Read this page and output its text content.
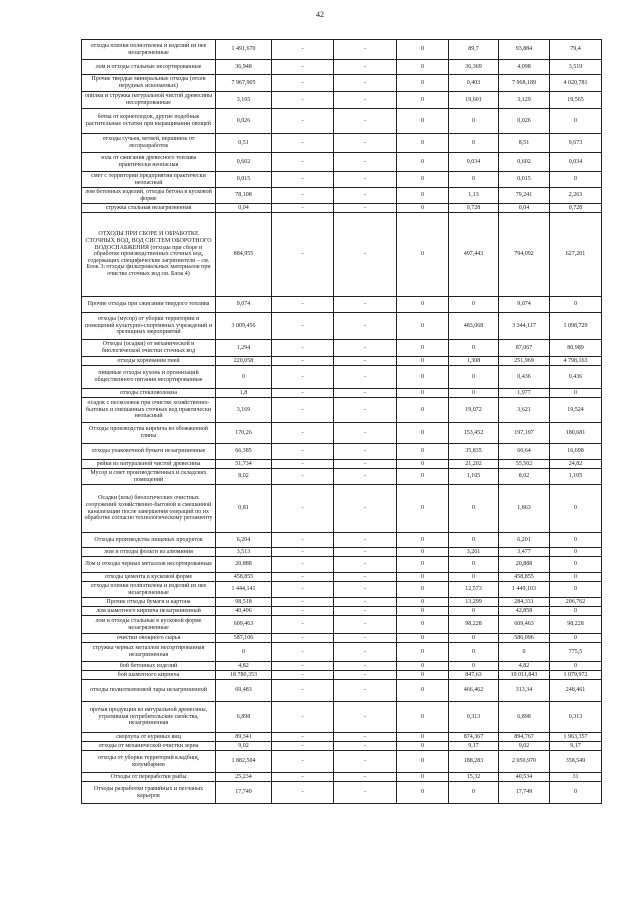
42
отходы пленки полиэтилена и изделий из нее незагрязненные	1 491,670	-	-	0	89,7	93,884	79,4
лом и отходы стальные несортированные	36,948	-	-	0	36,369	4,098	3,519
Прочие твердые минеральные отходы (отсев нерудных ископаемых)	7 967,905	-	-	0	0,403	7 968,189	4 020,781
опилки и стружка натуральной чистой древесины несортированные	3,165	-	-	0	19,601	3,129	19,565
ботва от корнеплодов, другие подобные растительные остатки при выращивании овощей	0,026	-	-	0	0	0,026	0
отходы сучьев, ветвей, вершинок от лесоразработок	0,51	-	-	0	0	8,51	9,673
зола от сжигания древесного топлива практически неопасная	0,602	-	-	0	0,034	0,602	0,034
смет с территории предприятия практически неопасный	0,015	-	-	0	0	0,015	0
лом бетонных изделий, отходы бетона в кусковой форме	78,108	-	-	0	1,13	79,241	2,263
стружка стальная незагрязненная	0,04	-	-	0	0,728	0,04	0,728
ОТХОДЫ ПРИ СБОРЕ И ОБРАБОТКЕ СТОЧНЫХ ВОД, ВОД СИСТЕМ ОБОРОТНОГО ВОДОСНАБЖЕНИЯ (отходы при сборе и обработке производственных сточных вод, содержащих специфические загрязнители – см. Блок 3; отходы фильтровальных материалов при очистке сточных вод см. Блок 4)	884,955	-	-	0	497,443	794,092	627,201
Прочие отходы при сжигании твердого топлива	9,074	-	-	0	0	9,074	0
отходы (мусор) от уборки территории и помещений культурно-спортивных учреждений и зрелищных мероприятий	3 009,456	-	-	0	483,068	3 344,117	1 098,729
Отходы (осадки) от механической и биологической очистки сточных вод	1,294	-	-	0	0	87,067	80,989
отходы корчевания пней	220,058	-	-	0	1,308	251,969	4 798,163
пищевые отходы кухонь и организаций общественного питания несортированные	0	-	-	0	0	0,436	0,436
отходы стекловолокна	1,8	-	-	0	0	1,977	0
осадок с песколовок при очистке хозяйственно-бытовых и смешанных сточных вод практически неопасный	3,169	-	-	0	19,072	3,621	19,524
Отходы производства кирпича из обожженной глины	170,26	-	-	0	153,452	197,197	180,681
отходы упаковочной бумаги незагрязненные	66,385	-	-	0	35,835	66,64	16,698
рейки из натуральной чистой древесины	51,734	-	-	0	21,202	55,502	24,82
Мусор и смет производственных и складских помещений	8,02	-	-	0	1,105	8,02	1,105
Осадки (илы) биологических очистных сооружений хозяйственно-бытовой и смешанной канализации после завершения операций по их обработке согласно технологическому регламенту	0,81	-	-	0	0	1,863	0
Отходы производства пищевых продуктов	6,204	-	-	0	0	6,201	0
лом и отходы фольги из алюминия	3,513	-	-	0	3,261	3,477	0
Лом и отходы черных металлов несортированные	20,888	-	-	0	0	20,888	0
отходы цемента в кусковой форме	458,855	-	-	0	0	458,855	0
отходы пленки полиэтилена и изделий из нее незагрязненные	1 444,141	-	-	0	12,573	1 449,103	0
Прочие отходы бумаги и картона	98,518	-	-	0	13,299	284,331	206,762
лом шамотного кирпича незагрязненный	40,496	-	-	0	0	42,858	0
лом и отходы стальные в кусковой форме незагрязненные	609,463	-	-	0	98,228	609,463	98,228
очистки овощного сырья	587,106	-	-	0	0	586,096	0
стружка черных металлов несортированная незагрязненная	0	-	-	0	0	0	775,5
бой бетонных изделий	4,82	-	-	0	0	4,82	0
бой шамотного кирпича	18 780,353	-	-	0	847,63	19 011,843	1 079,972
отходы полиэтиленовой тары незагрязненной	69,483	-	-	0	466,462	313,34	248,461
прочая продукция из натуральной древесины, утратившая потребительские свойства, незагрязненная	6,898	-	-	0	0,313	6,898	0,313
скорлупа от куриных яиц	89,341	-	-	0	874,367	894,767	1 963,357
отходы от механической очистки зерна	9,02	-	-	0	9,17	9,02	9,17
отходы от уборки территорий кладбищ, колумбариев	1 882,504	-	-	0	188,283	2 050,970	358,549
Отходы от переработки рыбы	25,234	-	-	0	15,32	40,534	31
Отходы разработки гравийных и песчаных карьеров	17,749	-	-	0	0	17,749	0
